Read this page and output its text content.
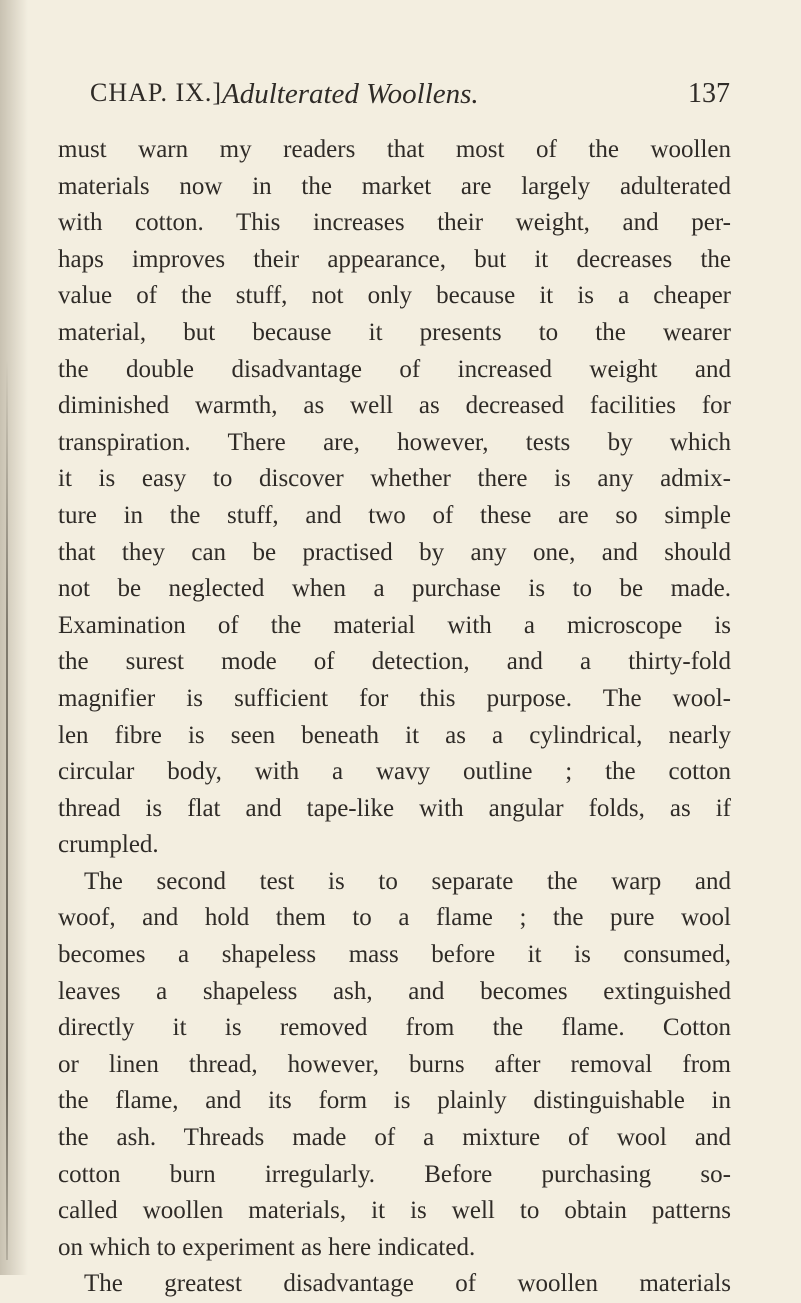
CHAP. IX.] Adulterated Woollens.	137
must warn my readers that most of the woollen
materials now in the market are largely adulterated
with cotton. This increases their weight, and per-
haps improves their appearance, but it decreases the
value of the stuff, not only because it is a cheaper
material, but because it presents to the wearer
the double disadvantage of increased weight and
diminished warmth, as well as decreased facilities for
transpiration. There are, however, tests by which
it is easy to discover whether there is any admix-
ture in the stuff, and two of these are so simple
that they can be practised by any one, and should
not be neglected when a purchase is to be made.
Examination of the material with a microscope is
the surest mode of detection, and a thirty-fold
magnifier is sufficient for this purpose. The wool-
len fibre is seen beneath it as a cylindrical, nearly
circular body, with a wavy outline ; the cotton
thread is flat and tape-like with angular folds, as if
crumpled.
The second test is to separate the warp and
woof, and hold them to a flame ; the pure wool
becomes a shapeless mass before it is consumed,
leaves a shapeless ash, and becomes extinguished
directly it is removed from the flame. Cotton
or linen thread, however, burns after removal from
the flame, and its form is plainly distinguishable in
the ash. Threads made of a mixture of wool and
cotton burn irregularly. Before purchasing so-
called woollen materials, it is well to obtain patterns
on which to experiment as here indicated.
The greatest disadvantage of woollen materials
